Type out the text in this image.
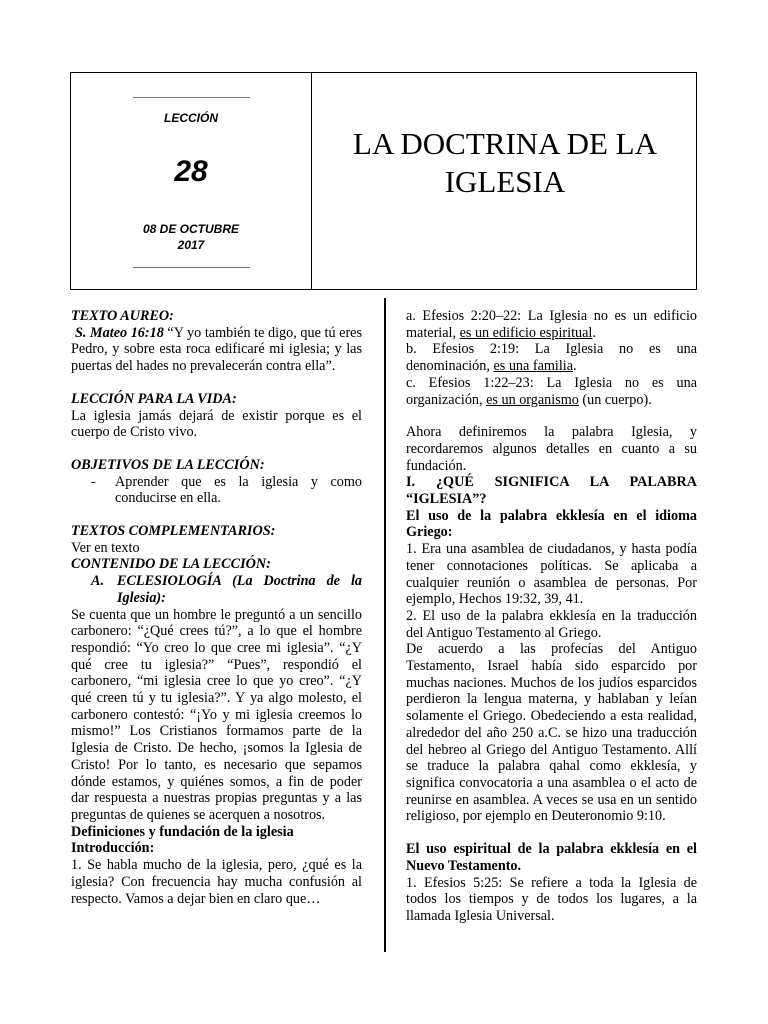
LECCIÓN
28
08 DE OCTUBRE
2017
LA DOCTRINA DE LA
IGLESIA

TEXTO AUREO:

S. Mateo 16:18 “Y yo también te digo, que tú eres Pedro, y sobre esta roca edificaré mi iglesia; y las puertas del hades no prevalecerán contra ella”.

LECCIÓN PARA LA VIDA:

La iglesia jamás dejará de existir porque es el cuerpo de Cristo vivo.

OBJETIVOS DE LA LECCIÓN:

-	Aprender que es la iglesia y como conducirse en ella.

TEXTOS COMPLEMENTARIOS:

Ver en texto

CONTENIDO DE LA LECCIÓN:

A. ECLESIOLOGÍA (La Doctrina de la Iglesia):

Se cuenta que un hombre le preguntó a un sencillo carbonero: “¿Qué crees tú?”, a lo que el hombre respondió: “Yo creo lo que cree mi iglesia”. “¿Y qué cree tu iglesia?” “Pues”, respondió el carbonero, “mi iglesia cree lo que yo creo”. “¿Y qué creen tú y tu iglesia?”. Y ya algo molesto, el carbonero contestó: “¡Yo y mi iglesia creemos lo mismo!” Los Cristianos formamos parte de la Iglesia de Cristo. De hecho, ¡somos la Iglesia de Cristo! Por lo tanto, es necesario que sepamos dónde estamos, y quiénes somos, a fin de poder dar respuesta a nuestras propias preguntas y a las preguntas de quienes se acerquen a nosotros.

Definiciones y fundación de la iglesia

Introducción:

1. Se habla mucho de la iglesia, pero, ¿qué es la iglesia? Con frecuencia hay mucha confusión al respecto. Vamos a dejar bien en claro que…

a. Efesios 2:20–22: La Iglesia no es un edificio material, es un edificio espiritual.

b. Efesios 2:19: La Iglesia no es una denominación, es una familia.

c. Efesios 1:22–23: La Iglesia no es una organización, es un organismo (un cuerpo).

Ahora definiremos la palabra Iglesia, y recordaremos algunos detalles en cuanto a su fundación.

I. ¿QUÉ SIGNIFICA LA PALABRA “IGLESIA”?

El uso de la palabra ekklesía en el idioma Griego:

1. Era una asamblea de ciudadanos, y hasta podía tener connotaciones políticas. Se aplicaba a cualquier reunión o asamblea de personas. Por ejemplo, Hechos 19:32, 39, 41.

2. El uso de la palabra ekklesía en la traducción del Antiguo Testamento al Griego.

De acuerdo a las profecías del Antiguo Testamento, Israel había sido esparcido por muchas naciones. Muchos de los judíos esparcidos perdieron la lengua materna, y hablaban y leían solamente el Griego. Obedeciendo a esta realidad, alrededor del año 250 a.C. se hizo una traducción del hebreo al Griego del Antiguo Testamento. Allí se traduce la palabra qahal como ekklesía, y significa convocatoria a una asamblea o el acto de reunirse en asamblea. A veces se usa en un sentido religioso, por ejemplo en Deuteronomio 9:10.

El uso espiritual de la palabra ekklesía en el Nuevo Testamento.

1. Efesios 5:25: Se refiere a toda la Iglesia de todos los tiempos y de todos los lugares, a la llamada Iglesia Universal.
